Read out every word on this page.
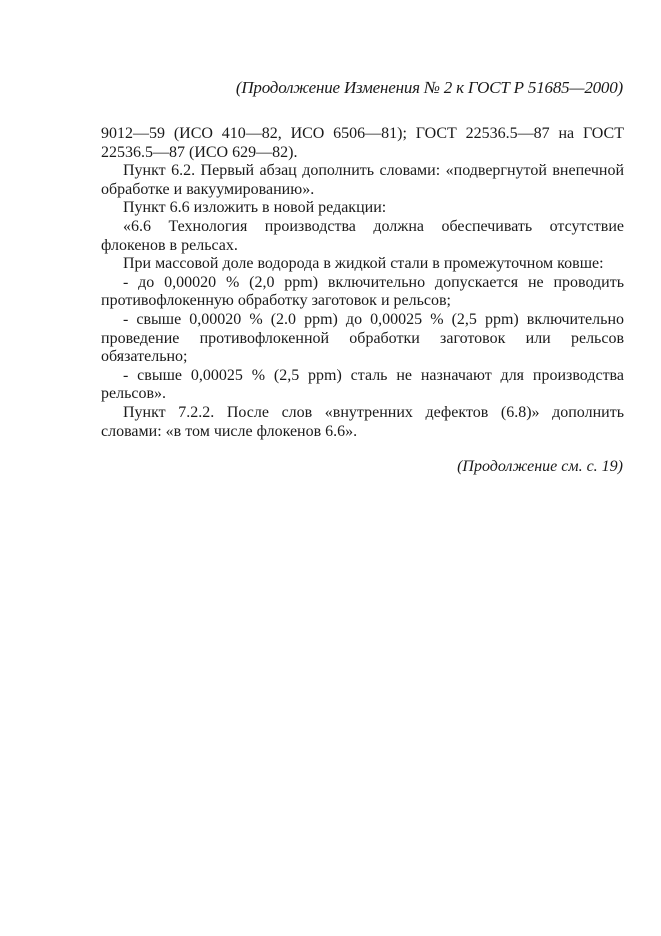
(Продолжение Изменения № 2 к ГОСТ Р 51685—2000)

9012—59 (ИСО 410—82, ИСО 6506—81); ГОСТ 22536.5—87 на ГОСТ 22536.5—87 (ИСО 629—82).

Пункт 6.2. Первый абзац дополнить словами: «подвергнутой внепечной обработке и вакуумированию».

Пункт 6.6 изложить в новой редакции:

«6.6 Технология производства должна обеспечивать отсутствие флокенов в рельсах.

При массовой доле водорода в жидкой стали в промежуточном ковше:

- до 0,00020 % (2,0 ppm) включительно допускается не проводить противофлокенную обработку заготовок и рельсов;

- свыше 0,00020 % (2.0 ppm) до 0,00025 % (2,5 ppm) включительно проведение противофлокенной обработки заготовок или рельсов обязательно;

- свыше 0,00025 % (2,5 ppm) сталь не назначают для производства рельсов».

Пункт 7.2.2. После слов «внутренних дефектов (6.8)» дополнить словами: «в том числе флокенов 6.6».

(Продолжение см. с. 19)
